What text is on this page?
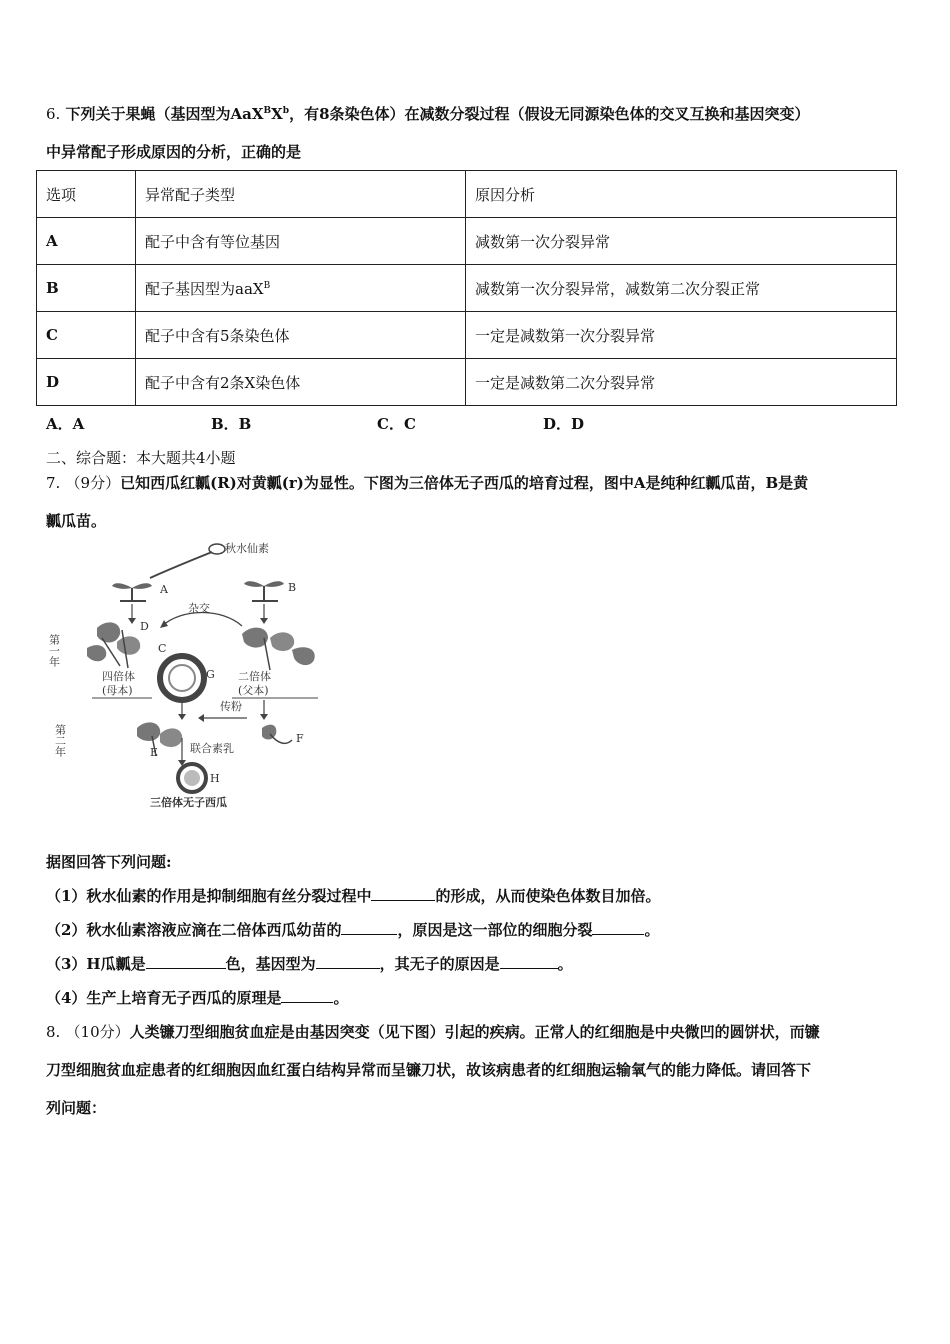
6. 下列关于果蝇（基因型为$AaX^BX^b$，有8条染色体）在减数分裂过程（假设无同源染色体的交叉互换和基因突变）
中异常配子形成原因的分析，正确的是
选项	异常配子类型	原因分析
A	配子中含有等位基因	减数第一次分裂异常
B	配子基因型为aaX$^B$	减数第一次分裂异常，减数第二次分裂正常
C	配子中含有5条染色体	一定是减数第一次分裂异常
D	配子中含有2条X染色体	一定是减数第二次分裂异常
A．A	B．B	C．C	D．D
二、综合题：本大题共4小题
7. （9分）已知西瓜红瓤(R)对黄瓤(r)为显性。下图为三倍体无子西瓜的培育过程，图中A是纯种红瓤瓜苗，B是黄
瓤瓜苗。
秋水仙素
A	B
杂交
D
C
G
四倍体
(母本)
二倍体
(父本)
第一年
第二年
传粉
E
F
联合素乳
H
三倍体无子西瓜
据图回答下列问题:
（1）秋水仙素的作用是抑制细胞有丝分裂过程中	的形成，从而使染色体数目加倍。
（2）秋水仙素溶液应滴在二倍体西瓜幼苗的	，原因是这一部位的细胞分裂	。
（3）H瓜瓤是	色，基因型为	，其无子的原因是	。
（4）生产上培育无子西瓜的原理是	。
8. （10分）人类镰刀型细胞贫血症是由基因突变（见下图）引起的疾病。正常人的红细胞是中央微凹的圆饼状，而镰
刀型细胞贫血症患者的红细胞因血红蛋白结构异常而呈镰刀状，故该病患者的红细胞运输氧气的能力降低。请回答下
列问题：
